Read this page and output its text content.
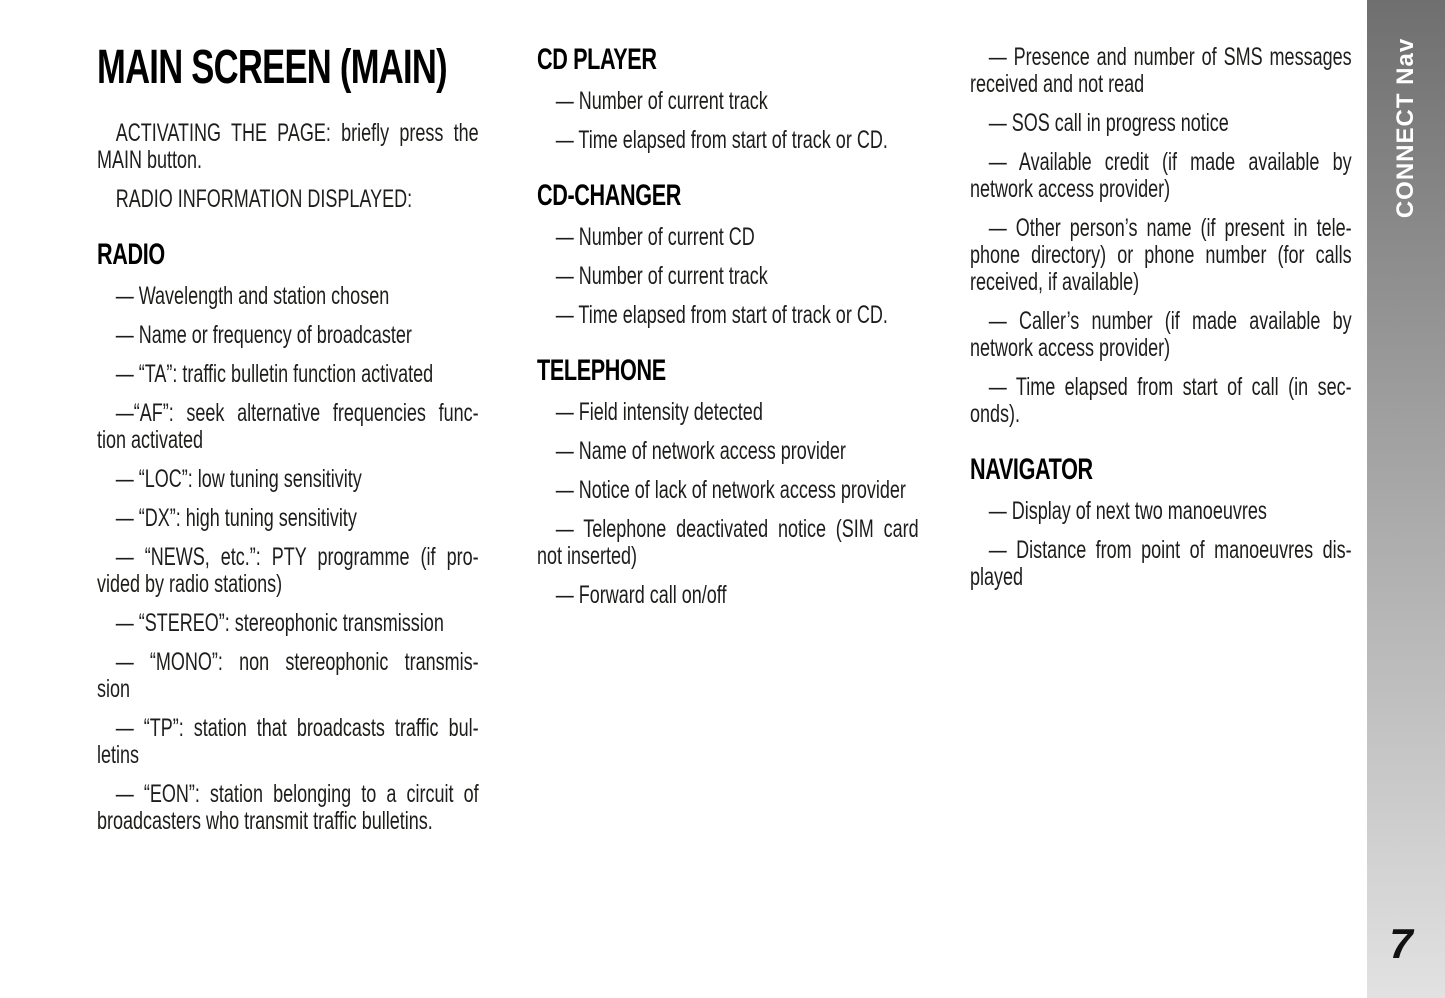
MAIN SCREEN (MAIN)

ACTIVATING THE PAGE: briefly press the
MAIN button.

RADIO INFORMATION DISPLAYED:

RADIO

— Wavelength and station chosen

— Name or frequency of broadcaster

— “TA”: traffic bulletin function activated

—“AF”: seek alternative frequencies func-
tion activated

— “LOC”: low tuning sensitivity

— “DX”: high tuning sensitivity

— “NEWS, etc.”: PTY programme (if pro-
vided by radio stations)

— “STEREO”: stereophonic transmission

— “MONO”: non stereophonic transmis-
sion

— “TP”: station that broadcasts traffic bul-
letins

— “EON”: station belonging to a circuit of
broadcasters who transmit traffic bulletins.

CD PLAYER

— Number of current track

— Time elapsed from start of track or CD.

CD-CHANGER

— Number of current CD

— Number of current track

— Time elapsed from start of track or CD.

TELEPHONE

— Field intensity detected

— Name of network access provider

— Notice of lack of network access provider

— Telephone deactivated notice (SIM card
not inserted)

— Forward call on/off

— Presence and number of SMS messages
received and not read

— SOS call in progress notice

— Available credit (if made available by
network access provider)

— Other person’s name (if present in tele-
phone directory) or phone number (for calls
received, if available)

— Caller’s number (if made available by
network access provider)

— Time elapsed from start of call (in sec-
onds).

NAVIGATOR

— Display of next two manoeuvres

— Distance from point of manoeuvres dis-
played

CONNECT Nav
7
